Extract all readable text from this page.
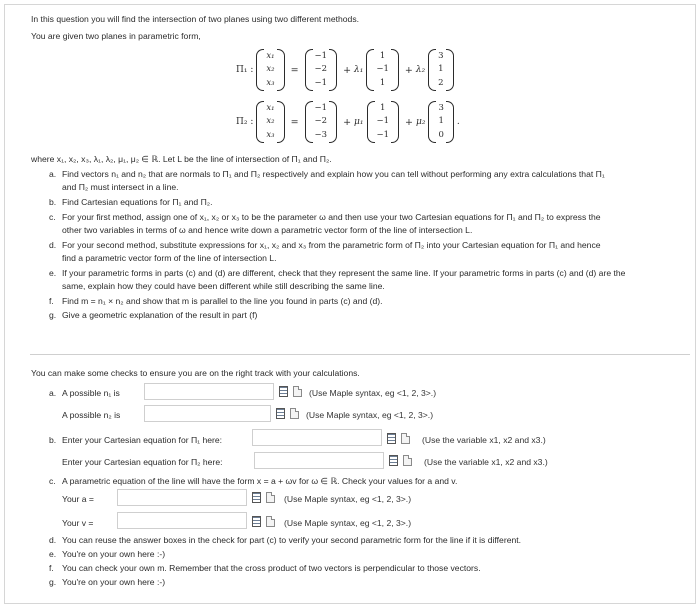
In this question you will find the intersection of two planes using two different methods.
You are given two planes in parametric form,
Π₁ :
x₁
x₂
x₃
=
−1
−2
−1
+ λ₁
1
−1
1
+ λ₂
3
1
2
Π₂ :
x₁
x₂
x₃
=
−1
−2
−3
+ μ₁
1
−1
−1
+ μ₂
3
1
0
.
where x₁, x₂, x₃, λ₁, λ₂, μ₁, μ₂ ∈ ℝ. Let L be the line of intersection of Π₁ and Π₂.
a. Find vectors n₁ and n₂ that are normals to Π₁ and Π₂ respectively and explain how you can tell without performing any extra calculations that Π₁
and Π₂ must intersect in a line.
b. Find Cartesian equations for Π₁ and Π₂.
c. For your first method, assign one of x₁, x₂ or x₃ to be the parameter ω and then use your two Cartesian equations for Π₁ and Π₂ to express the
other two variables in terms of ω and hence write down a parametric vector form of the line of intersection L.
d. For your second method, substitute expressions for x₁, x₂ and x₃ from the parametric form of Π₂ into your Cartesian equation for Π₁ and hence
find a parametric vector form of the line of intersection L.
e. If your parametric forms in parts (c) and (d) are different, check that they represent the same line. If your parametric forms in parts (c) and (d) are the
same, explain how they could have been different while still describing the same line.
f. Find m = n₁ × n₂ and show that m is parallel to the line you found in parts (c) and (d).
g. Give a geometric explanation of the result in part (f)
You can make some checks to ensure you are on the right track with your calculations.
a. A possible n₁ is	(Use Maple syntax, eg <1, 2, 3>.)
A possible n₂ is	(Use Maple syntax, eg <1, 2, 3>.)
b. Enter your Cartesian equation for Π₁ here:	(Use the variable x1, x2 and x3.)
Enter your Cartesian equation for Π₂ here:	(Use the variable x1, x2 and x3.)
c. A parametric equation of the line will have the form x = a + ωv for ω ∈ ℝ. Check your values for a and v.
Your a =	(Use Maple syntax, eg <1, 2, 3>.)
Your v =	(Use Maple syntax, eg <1, 2, 3>.)
d. You can reuse the answer boxes in the check for part (c) to verify your second parametric form for the line if it is different.
e. You're on your own here :-)
f. You can check your own m. Remember that the cross product of two vectors is perpendicular to those vectors.
g. You're on your own here :-)
